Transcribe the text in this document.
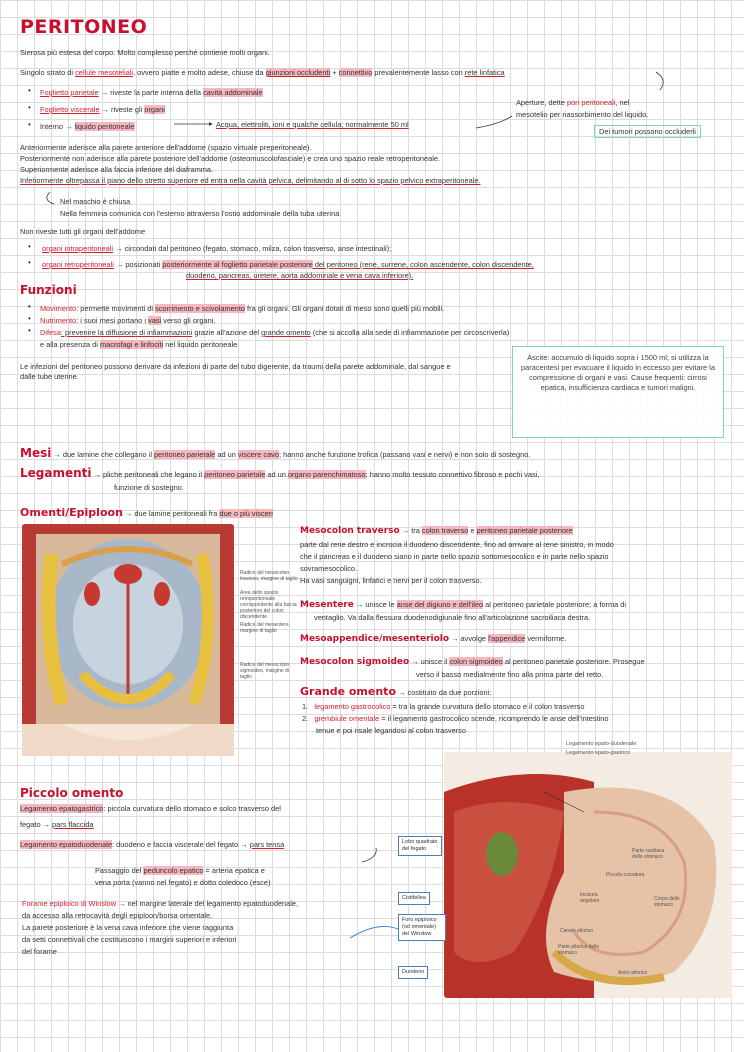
PERITONEO
Sierosa più estesa del corpo. Molto complesso perché contiene molti organi.
Singolo strato di cellule mesoteliali, ovvero piatte e molto adese, chiuse da giunzioni occludenti + connettivo prevalentemente lasso con rete linfatica
• Foglietto parietale → riveste la parte interna della cavità addominale
• Foglietto viscerale → riveste gli organi
• Interno → liquido peritoneale	Acqua, elettroliti, ioni e qualche cellula; normalmente 50 ml
Aperture, dette pori peritoneali, nel
mesotelio per riassorbimento del liquido.
Dei tumori possono occluderli
Anteriormente aderisce alla parete anteriore dell'addome (spazio virtuale preperitoneale).
Posteriormente non aderisce alla parete posteriore dell'addome (osteomuscolofasciale) e crea uno spazio reale retroperitoneale.
Superiormente aderisce alla faccia inferiore del diaframma.
Inferiormente oltrepassa il piano dello stretto superiore ed entra nella cavità pelvica, delimitando al di sotto lo spazio pelvico extraperitoneale.
Nel maschio è chiusa
Nella femmina comunica con l'esterno attraverso l'ostio addominale della tuba uterina
Non riveste tutti gli organi dell'addome
• organi intraperitoneali → circondati dal peritoneo (fegato, stomaco, milza, colon trasverso, anse intestinali);
• organi retroperitoneali → posizionati posteriormente al foglietto parietale posteriore del peritoneo (rene, surrene, colon ascendente, colon discendente,
duodeno, pancreas, uretere, aorta addominale e vena cava inferiore).
Funzioni
• Movimento: permette movimenti di scorrimento e scivolamento fra gli organi. Gli organi dotati di meso sono quelli più mobili.
• Nutrimento: i suoi mesi portano i vasi verso gli organi.
• Difesa: prevenire la diffusione di infiammazioni grazie all'azione del grande omento (che si accolla alla sede di infiammazione per circoscriverla)
e alla presenza di macrofagi e linfociti nel liquido peritoneale
Le infezioni del peritoneo possono derivare da infezioni di parte del tubo digerente, da traumi della parete addominale, dal sangue e dalle tube uterine.
Ascite: accumulo di liquido sopra i 1500 ml; si utilizza la paracentesi per evacuare il liquido in eccesso per evitare la compressione di organi e vasi. Cause frequenti: cirrosi epatica, insufficienza cardiaca e tumori maligni.
Mesi → due lamine che collegano il peritoneo parietale ad un viscere cavo; hanno anche funzione trofica (passano vasi e nervi) e non solo di sostegno.
Legamenti → pliche peritoneali che legano il peritoneo parietale ad un organo parenchimatoso; hanno molto tessuto connettivo fibroso e pochi vasi,
funzione di sostegno.
Omenti/Epiploon → due lamine peritoneali fra due o più visceri
Radice del mesocolon traverso, margine di taglio
Area dello spazio retroperitoneale corrispondente alla faccia posteriore del colon discendente
Radice del mesentere, margine di taglio
Radice del mesocolon sigmoideo, margine di taglio
Mesocolon traverso → tra colon traverso e peritoneo parietale posteriore
parte dal rene destro e incrocia il duodeno discendente, fino ad arrivare al rene sinistro, in modo
che il pancreas e il duodeno siano in parte nello spazio sottomesocolico e in parte nello spazio
sovramesocolico.
Ha vasi sanguigni, linfatici e nervi per il colon trasverso.
Mesentere → unisce le anse del digiuno e dell'ileo al peritoneo parietale posteriore; a forma di
ventaglio. Va dalla flessura duodenodigiunale fino all'articolazione sacroiliaca destra.
Mesoappendice/mesenteriolo → avvolge l'appendice vermiforme.
Mesocolon sigmoideo → unisce il colon sigmoideo al peritoneo parietale posteriore. Prosegue
verso il basso medialmente fino alla prima parte del retto.
Grande omento → costituito da due porzioni:
1. legamento gastrocolico = tra la grande curvatura dello stomaco e il colon trasverso
2. grembiule omentale = il legamento gastrocolico scende, ricomprendo le anse dell'intestino
tenue e poi risale legandosi al colon trasverso
Piccolo omento
Legamento epatogastrico: piccola curvatura dello stomaco e solco trasverso del
fegato → pars flaccida
Legamento epatoduodenale: duodeno e faccia viscerale del fegato → pars tensa
Passaggio del peduncolo epatico = arteria epatica e
vena porta (vanno nel fegato) e dotto coledoco (esce)
Forame epiploico di Winslow → nel margine laterale del legamento epatoduodenale,
da accesso alla retrocavità degli epiploon/borsa omentale.
La parete posteriore è la vena cava inferiore che viene raggiunta
da setti connettivali che costituiscono i margini superiori e inferiori
del forame
Legamento epato-duodenale
Legamento epato-gastrico
Lobo quadrato del fegato
Cistifellea
Foro epiploico (od omentale) del Winslow
Duodeno
Parte cardiaca dello stomaco
Incisura angolare	Corpo dello stomaco
Canale pilorico
Parte pilorica dello stomaco
Antro pilorico
Piccola curvatura
